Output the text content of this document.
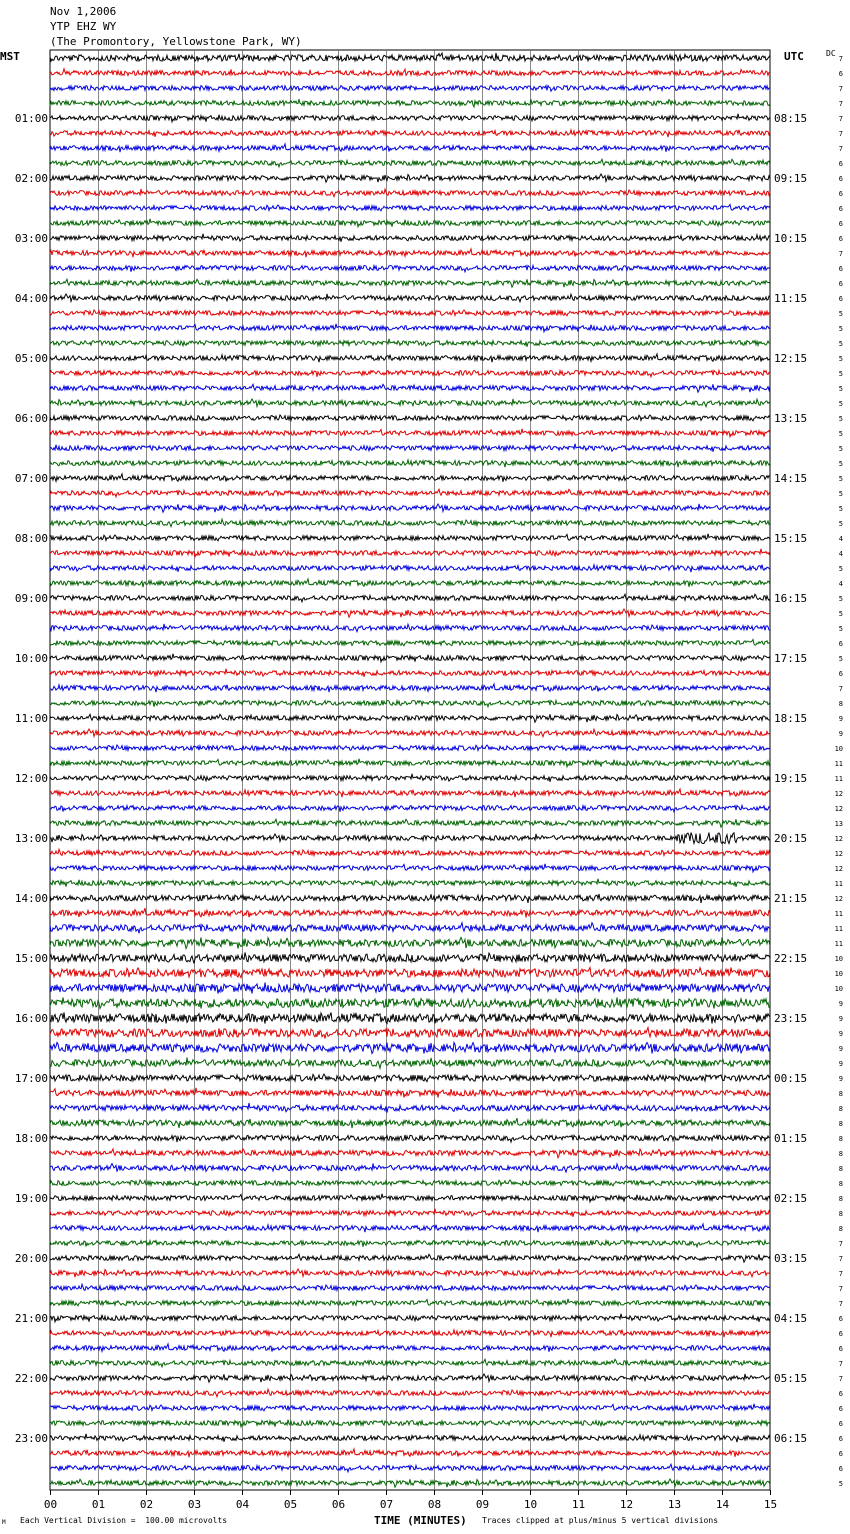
Nov 1,2006
YTP EHZ WY
(The Promontory, Yellowstone Park, WY)
MST	UTC	DC
00	01	02	03	04	05	06	07	08	09	10	11	12	13	14	15
7
6
7
7
7
01:00	08:15
7
7
6
6
02:00	09:15
6
6
6
6
03:00	10:15
7
6
6
6
04:00	11:15
5
5
5
5
05:00	12:15
5
5
5
5
06:00	13:15
5
5
5
5
07:00	14:15
5
5
5
4
08:00	15:15
4
5
4
5
09:00	16:15
5
5
6
5
10:00	17:15
6
7
8
9
11:00	18:15
9
10
11
11
12:00	19:15
12
12
13
12
13:00	20:15
12
12
11
12
14:00	21:15
11
11
11
10
15:00	22:15
10
10
9
9
16:00	23:15
9
9
9
9
17:00	00:15
8
8
8
8
18:00	01:15
8
8
8
8
19:00	02:15
8
8
7
7
20:00	03:15
7
7
7
6
21:00	04:15
6
6
7
7
22:00	05:15
6
6
6
6
23:00	06:15
6
6
5
TIME (MINUTES)
M Each Vertical Division =  100.00 microvolts	Traces clipped at plus/minus 5 vertical divisions
